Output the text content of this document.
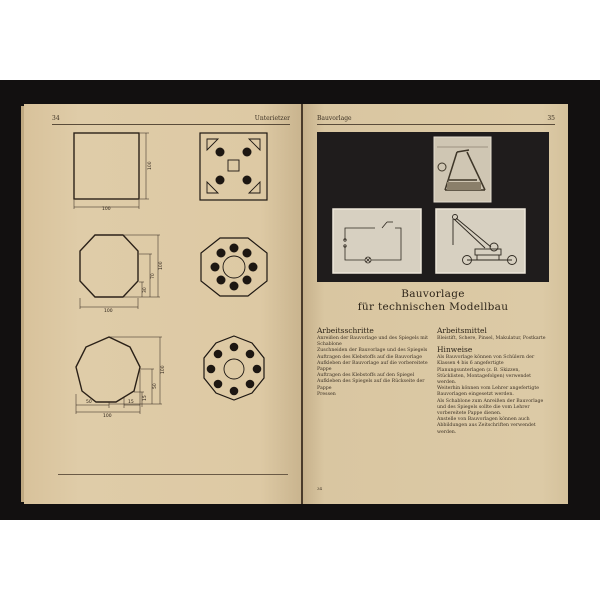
34	Unterietzer
100
100
100
100
70
30
100
50	15
100
50
15
Bauvorlage	35
Bauvorlage
für technischen Modellbau
Arbeitsschritte

Anreißen der Bauvorlage und des Spiegels mit Schablone
Zuschneiden der Bauvorlage und des Spiegels
Auftragen des Klebstoffs auf die Bauvorlage
Aufkleben der Bauvorlage auf die vorbereitete Pappe
Auftragen des Klebstoffs auf den Spiegel
Aufkleben des Spiegels auf die Rückseite der Pappe
Pressen

Arbeitsmittel

Bleistift, Schere, Pinsel, Makulatur, Postkarte

Hinweise

Als Bauvorlage können von Schülern der Klassen 4 bis 6 angefertigte Planungsunterlagen (z. B. Skizzen, Stücklisten, Montagefolgen) verwendet werden.
Weiterhin können vom Lehrer angefertigte Bauvorlagen eingesetzt werden.
Als Schablone zum Anreißen der Bauvorlage und des Spiegels sollte die vom Lehrer vorbereitete Pappe dienen.
Anstelle von Bauvorlagen können auch Abbildungen aus Zeitschriften verwendet werden.

34
